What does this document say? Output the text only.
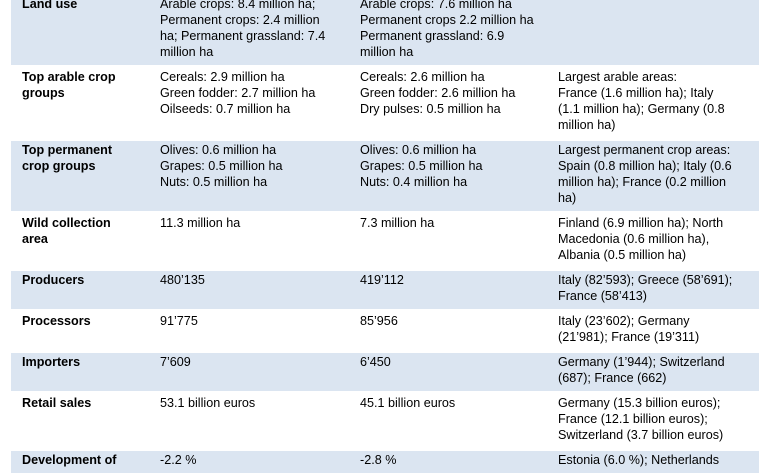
Land use	Arable crops: 8.4 million ha;
Permanent crops: 2.4 million
ha; Permanent grassland: 7.4
million ha	Arable crops: 7.6 million ha
Permanent crops 2.2 million ha
Permanent grassland: 6.9
million ha	

Top arable crop
groups	Cereals: 2.9 million ha
Green fodder: 2.7 million ha
Oilseeds: 0.7 million ha	Cereals: 2.6 million ha
Green fodder: 2.6 million ha
Dry pulses: 0.5 million ha	Largest arable areas:
France (1.6 million ha); Italy
(1.1 million ha); Germany (0.8
million ha)

Top permanent
crop groups	Olives: 0.6 million ha
Grapes: 0.5 million ha
Nuts: 0.5 million ha	Olives: 0.6 million ha
Grapes: 0.5 million ha
Nuts: 0.4 million ha	Largest permanent crop areas:
Spain (0.8 million ha); Italy (0.6
million ha); France (0.2 million
ha)

Wild collection
area	11.3 million ha	7.3 million ha	Finland (6.9 million ha); North
Macedonia (0.6 million ha),
Albania (0.5 million ha)

Producers	480’135	419’112	Italy (82’593); Greece (58’691);
France (58’413)

Processors	91’775	85’956	Italy (23’602); Germany
(21’981); France (19’311)

Importers	7’609	6’450	Germany (1’944); Switzerland
(687); France (662)

Retail sales	53.1 billion euros	45.1 billion euros	Germany (15.3 billion euros);
France (12.1 billion euros);
Switzerland (3.7 billion euros)

Development of	-2.2 %	-2.8 %	Estonia (6.0 %); Netherlands
